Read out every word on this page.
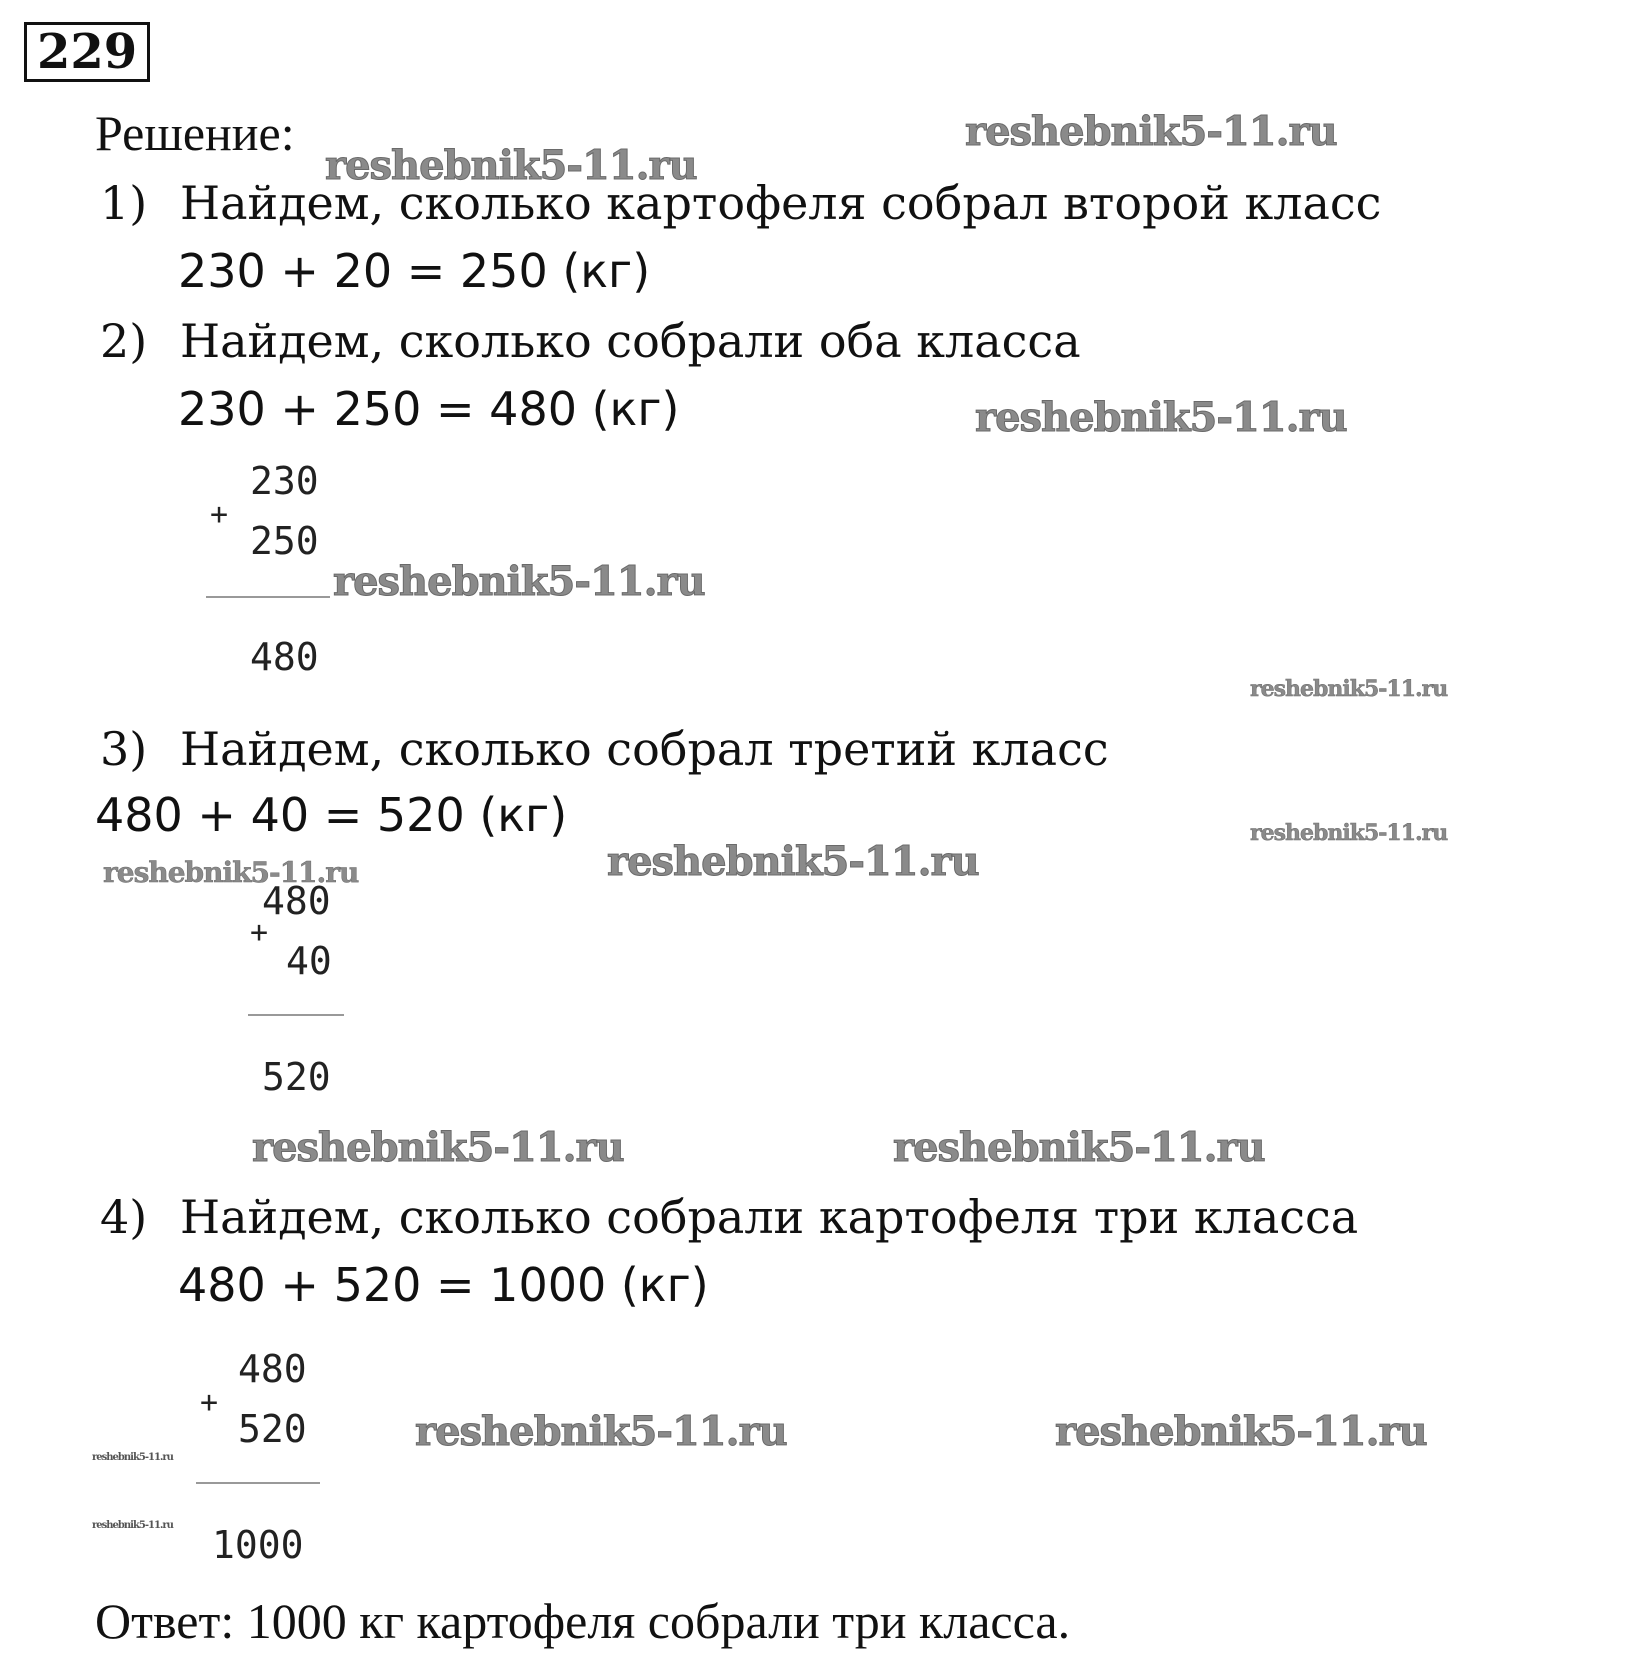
229
Решение:
1) Найдем, сколько картофеля собрал второй класс
230 + 20 = 250 (кг)
2) Найдем, сколько собрали оба класса
230 + 250 = 480 (кг)
230
+
250
480
3) Найдем, сколько собрал третий класс
480 + 40 = 520 (кг)
480
+
40
520
4) Найдем, сколько собрали картофеля три класса
480 + 520 = 1000 (кг)
480
+
520
1000
Ответ: 1000 кг картофеля собрали три класса.
reshebnik5-11.ru
reshebnik5-11.ru
reshebnik5-11.ru
reshebnik5-11.ru
reshebnik5-11.ru
reshebnik5-11.ru
reshebnik5-11.ru	reshebnik5-11.ru
reshebnik5-11.ru	reshebnik5-11.ru
reshebnik5-11.ru	reshebnik5-11.ru
reshebnik5-11.ru
reshebnik5-11.ru
